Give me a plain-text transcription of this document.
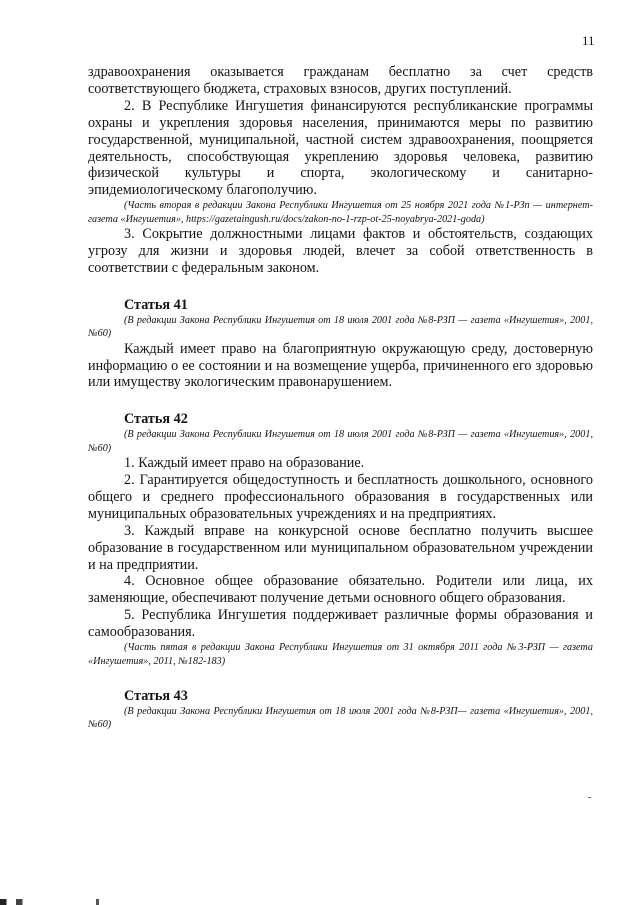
11

здравоохранения оказывается гражданам бесплатно за счет средств соответствующего бюджета, страховых взносов, других поступлений.

2. В Республике Ингушетия финансируются республиканские программы охраны и укрепления здоровья населения, принимаются меры по развитию государственной, муниципальной, частной систем здравоохранения, поощряется деятельность, способствующая укреплению здоровья человека, развитию физической культуры и спорта, экологическому и санитарно-эпидемиологическому благополучию.

(Часть вторая в редакции Закона Республики Ингушетия от 25 ноября 2021 года №1-РЗп — интернет-газета «Ингушетия», https://gazetaingush.ru/docs/zakon-no-1-rzp-ot-25-noyabrya-2021-goda)

3. Сокрытие должностными лицами фактов и обстоятельств, создающих угрозу для жизни и здоровья людей, влечет за собой ответственность в соответствии с федеральным законом.

Статья 41

(В редакции Закона Республики Ингушетия от 18 июля 2001 года №8-РЗП — газета «Ингушетия», 2001, №60)

Каждый имеет право на благоприятную окружающую среду, достоверную информацию о ее состоянии и на возмещение ущерба, причиненного его здоровью или имуществу экологическим правонарушением.

Статья 42

(В редакции Закона Республики Ингушетия от 18 июля 2001 года №8-РЗП — газета «Ингушетия», 2001, №60)

1. Каждый имеет право на образование.

2. Гарантируется общедоступность и бесплатность дошкольного, основного общего и среднего профессионального образования в государственных или муниципальных образовательных учреждениях и на предприятиях.

3. Каждый вправе на конкурсной основе бесплатно получить высшее образование в государственном или муниципальном образовательном учреждении и на предприятии.

4. Основное общее образование обязательно. Родители или лица, их заменяющие, обеспечивают получение детьми основного общего образования.

5. Республика Ингушетия поддерживает различные формы образования и самообразования.

(Часть пятая в редакции Закона Республики Ингушетия от 31 октября 2011 года №3-РЗП — газета «Ингушетия», 2011, №182-183)

Статья 43

(В редакции Закона Республики Ингушетия от 18 июля 2001 года №8-РЗП— газета «Ингушетия», 2001, №60)

-
